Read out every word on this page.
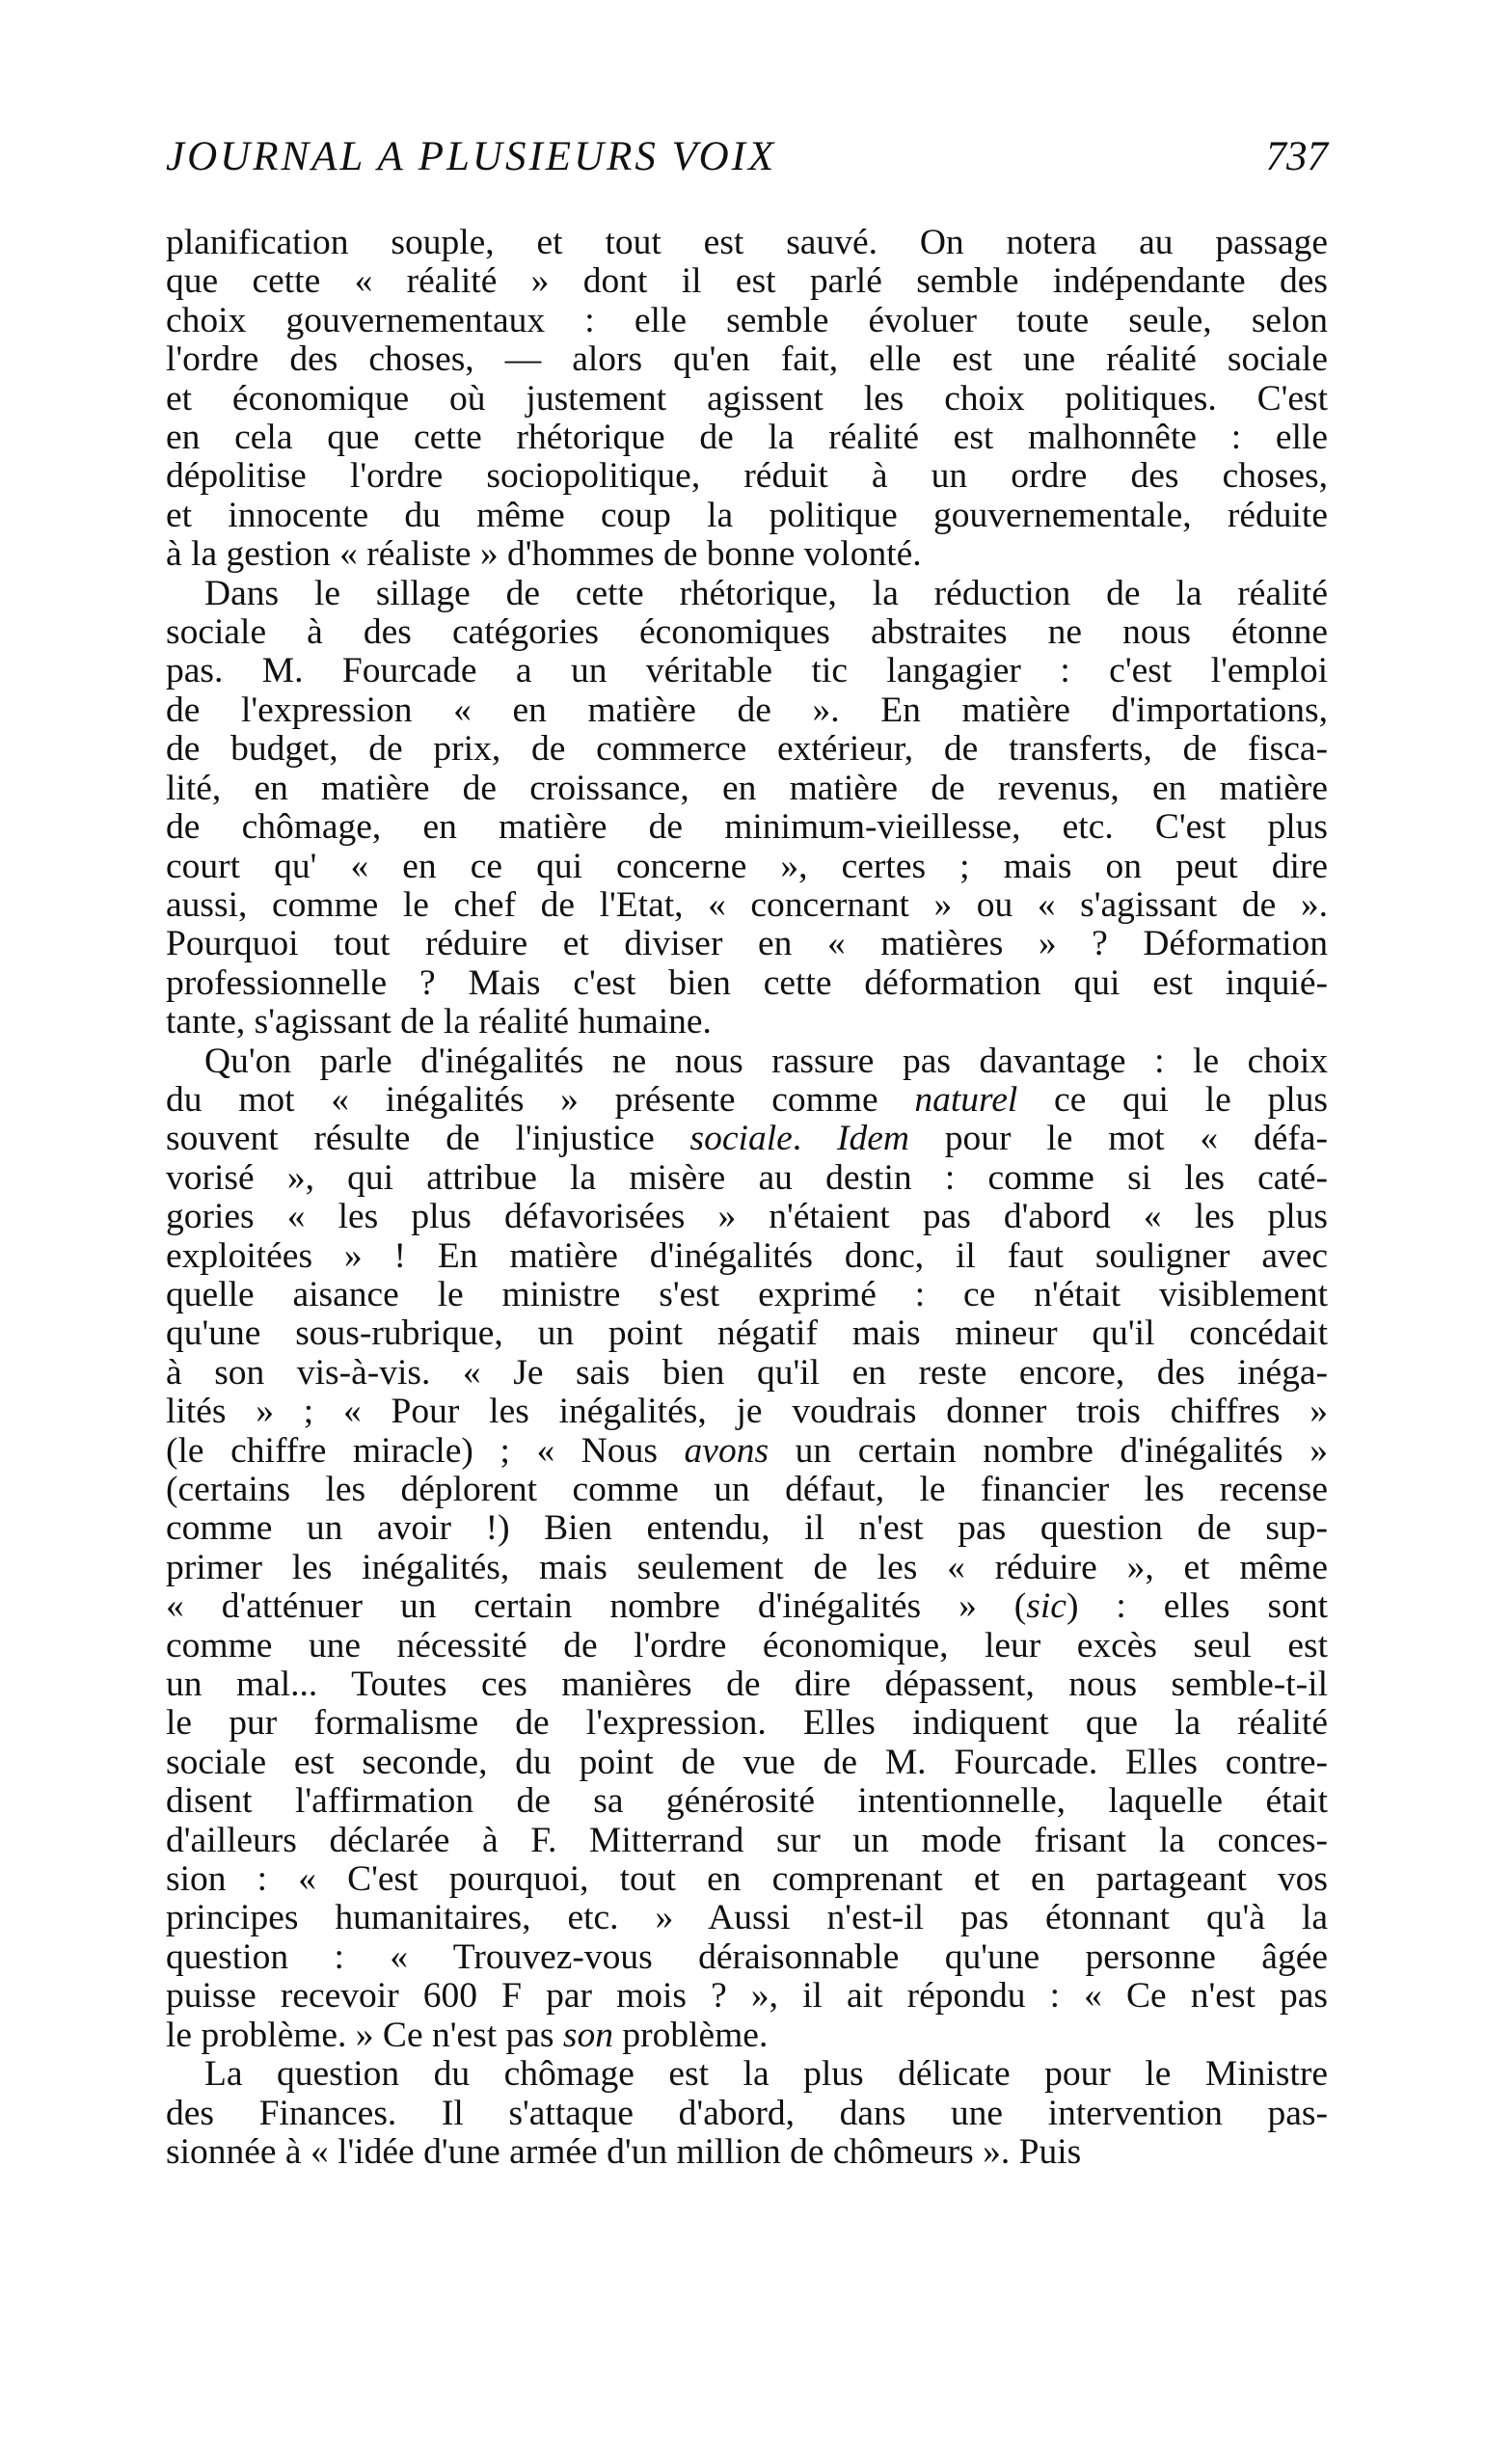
JOURNAL A PLUSIEURS VOIX	737
planification souple, et tout est sauvé. On notera au passage
que cette « réalité » dont il est parlé semble indépendante des
choix gouvernementaux : elle semble évoluer toute seule, selon
l'ordre des choses, — alors qu'en fait, elle est une réalité sociale
et économique où justement agissent les choix politiques. C'est
en cela que cette rhétorique de la réalité est malhonnête : elle
dépolitise l'ordre sociopolitique, réduit à un ordre des choses,
et innocente du même coup la politique gouvernementale, réduite
à la gestion « réaliste » d'hommes de bonne volonté.
Dans le sillage de cette rhétorique, la réduction de la réalité
sociale à des catégories économiques abstraites ne nous étonne
pas. M. Fourcade a un véritable tic langagier : c'est l'emploi
de l'expression « en matière de ». En matière d'importations,
de budget, de prix, de commerce extérieur, de transferts, de fisca-
lité, en matière de croissance, en matière de revenus, en matière
de chômage, en matière de minimum-vieillesse, etc. C'est plus
court qu' « en ce qui concerne », certes ; mais on peut dire
aussi, comme le chef de l'Etat, « concernant » ou « s'agissant de ».
Pourquoi tout réduire et diviser en « matières » ? Déformation
professionnelle ? Mais c'est bien cette déformation qui est inquié-
tante, s'agissant de la réalité humaine.
Qu'on parle d'inégalités ne nous rassure pas davantage : le choix
du mot « inégalités » présente comme naturel ce qui le plus
souvent résulte de l'injustice sociale. Idem pour le mot « défa-
vorisé », qui attribue la misère au destin : comme si les caté-
gories « les plus défavorisées » n'étaient pas d'abord « les plus
exploitées » ! En matière d'inégalités donc, il faut souligner avec
quelle aisance le ministre s'est exprimé : ce n'était visiblement
qu'une sous-rubrique, un point négatif mais mineur qu'il concédait
à son vis-à-vis. « Je sais bien qu'il en reste encore, des inéga-
lités » ; « Pour les inégalités, je voudrais donner trois chiffres »
(le chiffre miracle) ; « Nous avons un certain nombre d'inégalités »
(certains les déplorent comme un défaut, le financier les recense
comme un avoir !) Bien entendu, il n'est pas question de sup-
primer les inégalités, mais seulement de les « réduire », et même
« d'atténuer un certain nombre d'inégalités » (sic) : elles sont
comme une nécessité de l'ordre économique, leur excès seul est
un mal... Toutes ces manières de dire dépassent, nous semble-t-il
le pur formalisme de l'expression. Elles indiquent que la réalité
sociale est seconde, du point de vue de M. Fourcade. Elles contre-
disent l'affirmation de sa générosité intentionnelle, laquelle était
d'ailleurs déclarée à F. Mitterrand sur un mode frisant la conces-
sion : « C'est pourquoi, tout en comprenant et en partageant vos
principes humanitaires, etc. » Aussi n'est-il pas étonnant qu'à la
question : « Trouvez-vous déraisonnable qu'une personne âgée
puisse recevoir 600 F par mois ? », il ait répondu : « Ce n'est pas
le problème. » Ce n'est pas son problème.
La question du chômage est la plus délicate pour le Ministre
des Finances. Il s'attaque d'abord, dans une intervention pas-
sionnée à « l'idée d'une armée d'un million de chômeurs ». Puis
